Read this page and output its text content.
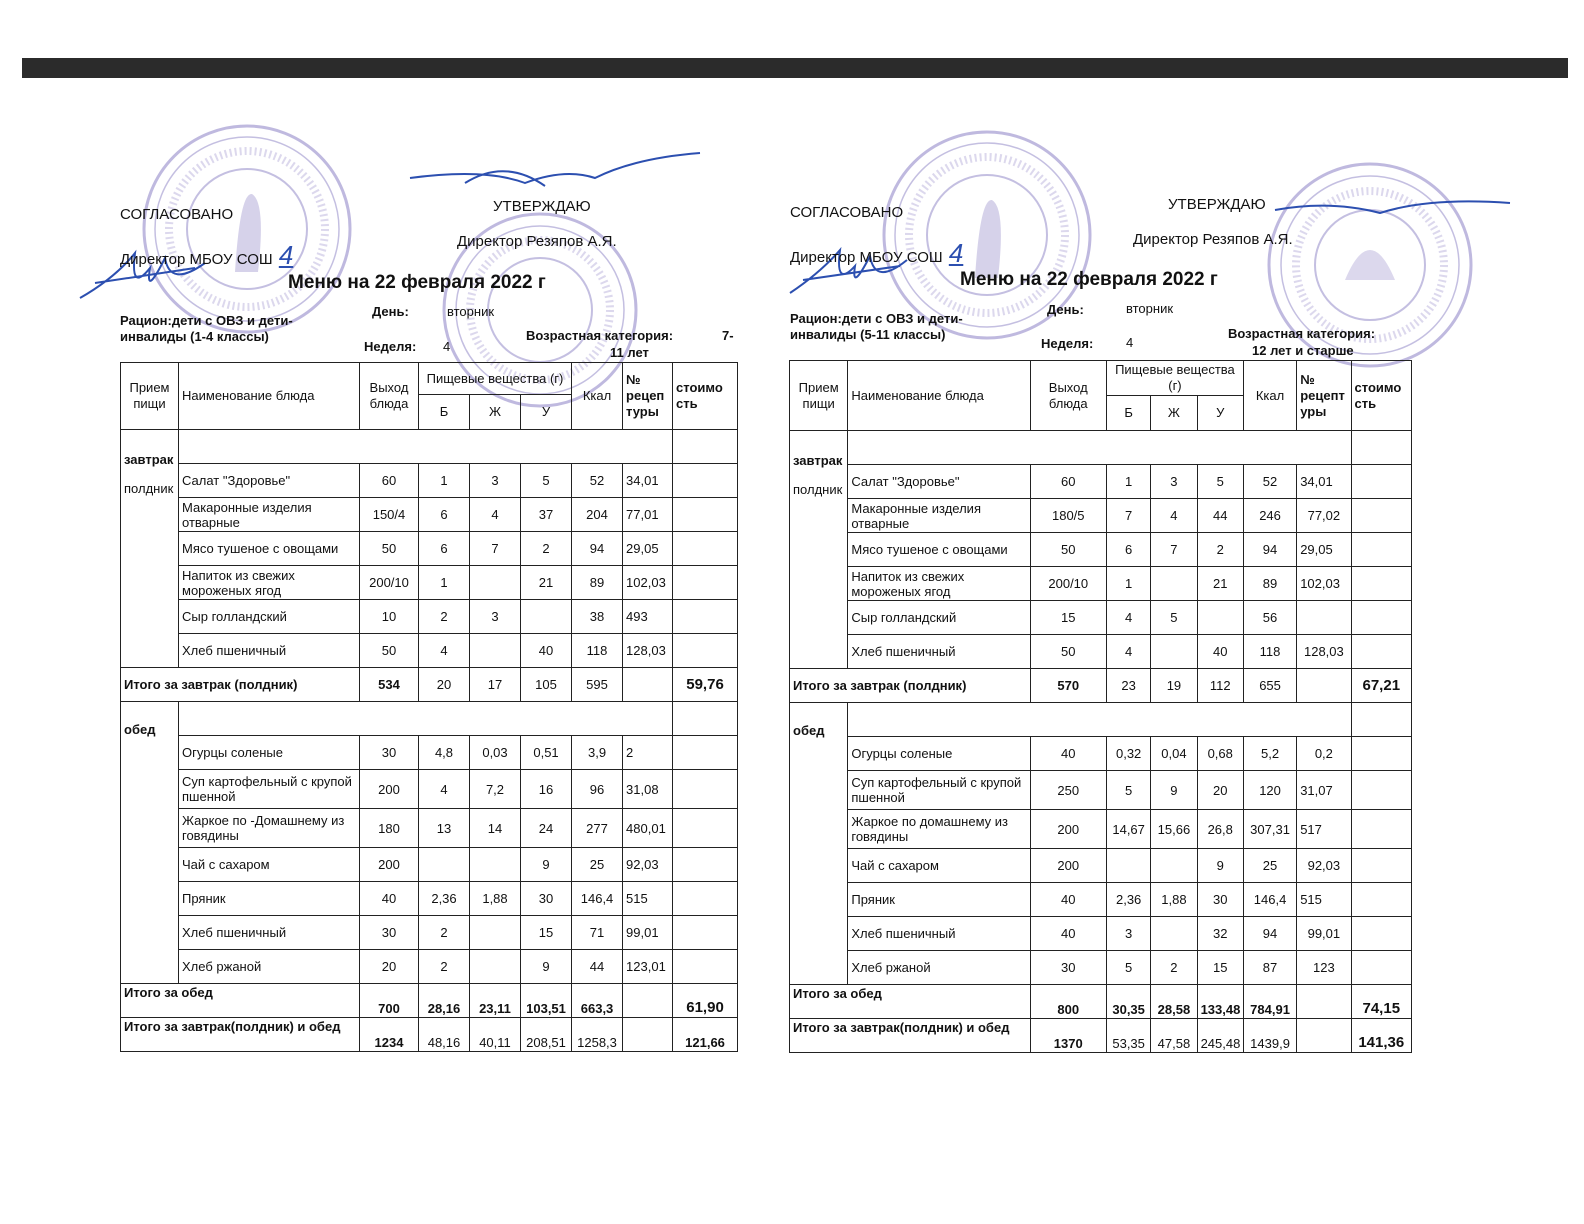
СОГЛАСОВАНО
Директор МБОУ СОШ 4
УТВЕРЖДАЮ
Директор Резяпов А.Я.
Меню на 22 февраля 2022 г
Рацион:дети с ОВЗ и дети-
инвалиды (1-4 классы)
День:	вторник
Неделя: 4
Возрастная категория:	7-
11 лет
Прием пищи	Наименование блюда	Выход блюда	Пищевые вещества (г)			Ккал	№ рецеп туры	стоимо сть
			Б	Ж	У			

завтрак
полдник								

	Салат "Здоровье"	60	1	3	5	52	34,01	
	Макаронные изделия отварные	150/4	6	4	37	204	77,01	
	Мясо тушеное с овощами	50	6	7	2	94	29,05	
	Напиток из свежих мороженых ягод	200/10	1		21	89	102,03	
	Сыр голландский	10	2	3		38	493	
	Хлеб пшеничный	50	4		40	118	128,03	
Итого за завтрак (полдник)		534	20	17	105	595		59,76

обед								

	Огурцы соленые	30	4,8	0,03	0,51	3,9	2	
	Суп картофельный с крупой пшенной	200	4	7,2	16	96	31,08	
	Жаркое по -Домашнему из говядины	180	13	14	24	277	480,01	
	Чай с сахаром	200			9	25	92,03	
	Пряник	40	2,36	1,88	30	146,4	515	
	Хлеб пшеничный	30	2		15	71	99,01	
	Хлеб ржаной	20	2		9	44	123,01	
Итого за обед		700	28,16	23,11	103,51	663,3		61,90
Итого за завтрак(полдник) и обед		1234	48,16	40,11	208,51	1258,3		121,66
СОГЛАСОВАНО
Директор МБОУ СОШ 4
УТВЕРЖДАЮ
Директор Резяпов А.Я.
Меню на 22 февраля 2022 г
Рацион:дети с ОВЗ и дети-
инвалиды (5-11 классы)
День:	вторник
Неделя:	4
Возрастная категория:
12 лет и старше
Прием пищи	Наименование блюда	Выход блюда	Пищевые вещества (г)			Ккал	№ рецепт уры	стоимо сть
			Б	Ж	У			

завтрак
полдник								

	Салат "Здоровье"	60	1	3	5	52	34,01	
	Макаронные изделия отварные	180/5	7	4	44	246	77,02	
	Мясо тушеное с овощами	50	6	7	2	94	29,05	
	Напиток из свежих мороженых ягод	200/10	1		21	89	102,03	
	Сыр голландский	15	4	5		56		
	Хлеб пшеничный	50	4		40	118	128,03	
Итого за завтрак (полдник)		570	23	19	112	655		67,21

обед								

	Огурцы соленые	40	0,32	0,04	0,68	5,2	0,2	
	Суп картофельный с крупой пшенной	250	5	9	20	120	31,07	
	Жаркое по домашнему из говядины	200	14,67	15,66	26,8	307,31	517	
	Чай с сахаром	200			9	25	92,03	
	Пряник	40	2,36	1,88	30	146,4	515	
	Хлеб пшеничный	40	3		32	94	99,01	
	Хлеб ржаной	30	5	2	15	87	123	
Итого за обед		800	30,35	28,58	133,48	784,91		74,15
Итого за завтрак(полдник) и обед		1370	53,35	47,58	245,48	1439,9		141,36
